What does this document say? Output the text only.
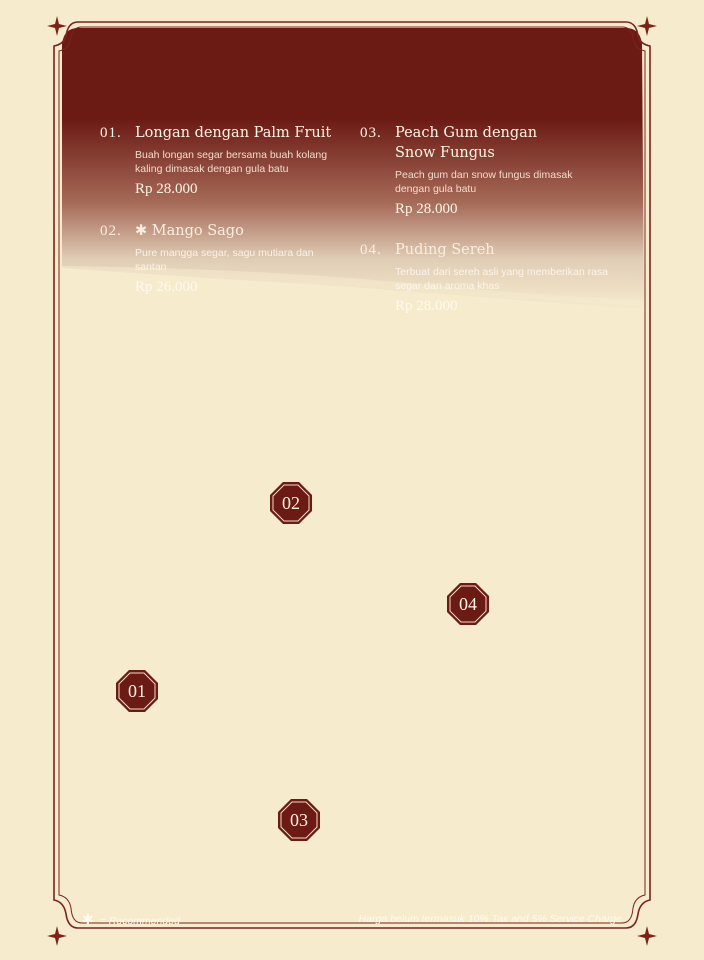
01. Longan dengan Palm Fruit
Buah longan segar bersama buah kolang kaling dimasak dengan gula batu
Rp 28.000
02. ✱ Mango Sago
Pure mangga segar, sagu mutiara dan santan
Rp 26.000
03. Peach Gum dengan Snow Fungus
Peach gum dan snow fungus dimasak dengan gula batu
Rp 28.000
04. Puding Sereh
Terbuat dari sereh asli yang memberikan rasa segar dan aroma khas
Rp 28.000
02
04
01
03
✱ = Recommended	Harga belum termasuk 10% Tax and 5% Service Charge
